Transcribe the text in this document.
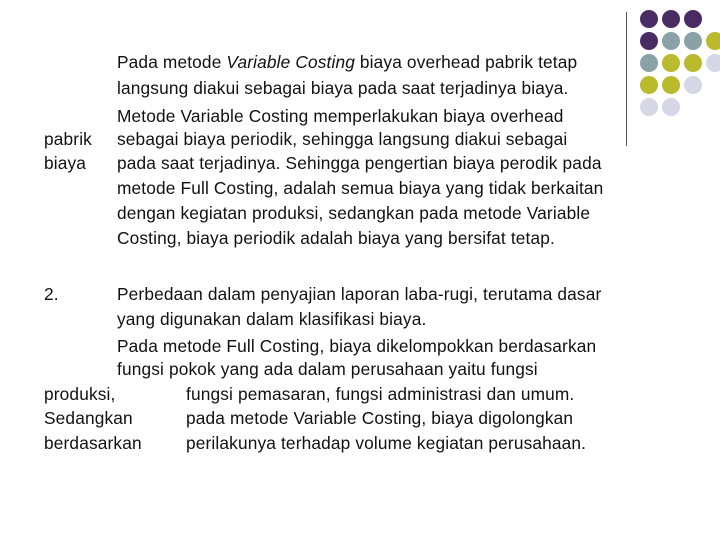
Pada metode Variable Costing biaya overhead pabrik tetap
langsung diakui sebagai biaya pada saat terjadinya biaya.
Metode Variable Costing memperlakukan biaya overhead
pabrik sebagai biaya periodik, sehingga langsung diakui sebagai
biaya pada saat terjadinya. Sehingga pengertian biaya perodik pada
metode Full Costing, adalah semua biaya yang tidak berkaitan
dengan kegiatan produksi, sedangkan pada metode Variable
Costing, biaya periodik adalah biaya yang bersifat tetap.
2.	Perbedaan dalam penyajian laporan laba-rugi, terutama dasar
yang digunakan dalam klasifikasi biaya.
Pada metode Full Costing, biaya dikelompokkan berdasarkan
fungsi pokok yang ada dalam perusahaan yaitu fungsi
produksi,	fungsi pemasaran, fungsi administrasi dan umum.
Sedangkan	pada metode Variable Costing, biaya digolongkan
berdasarkan	perilakunya terhadap volume kegiatan perusahaan.
